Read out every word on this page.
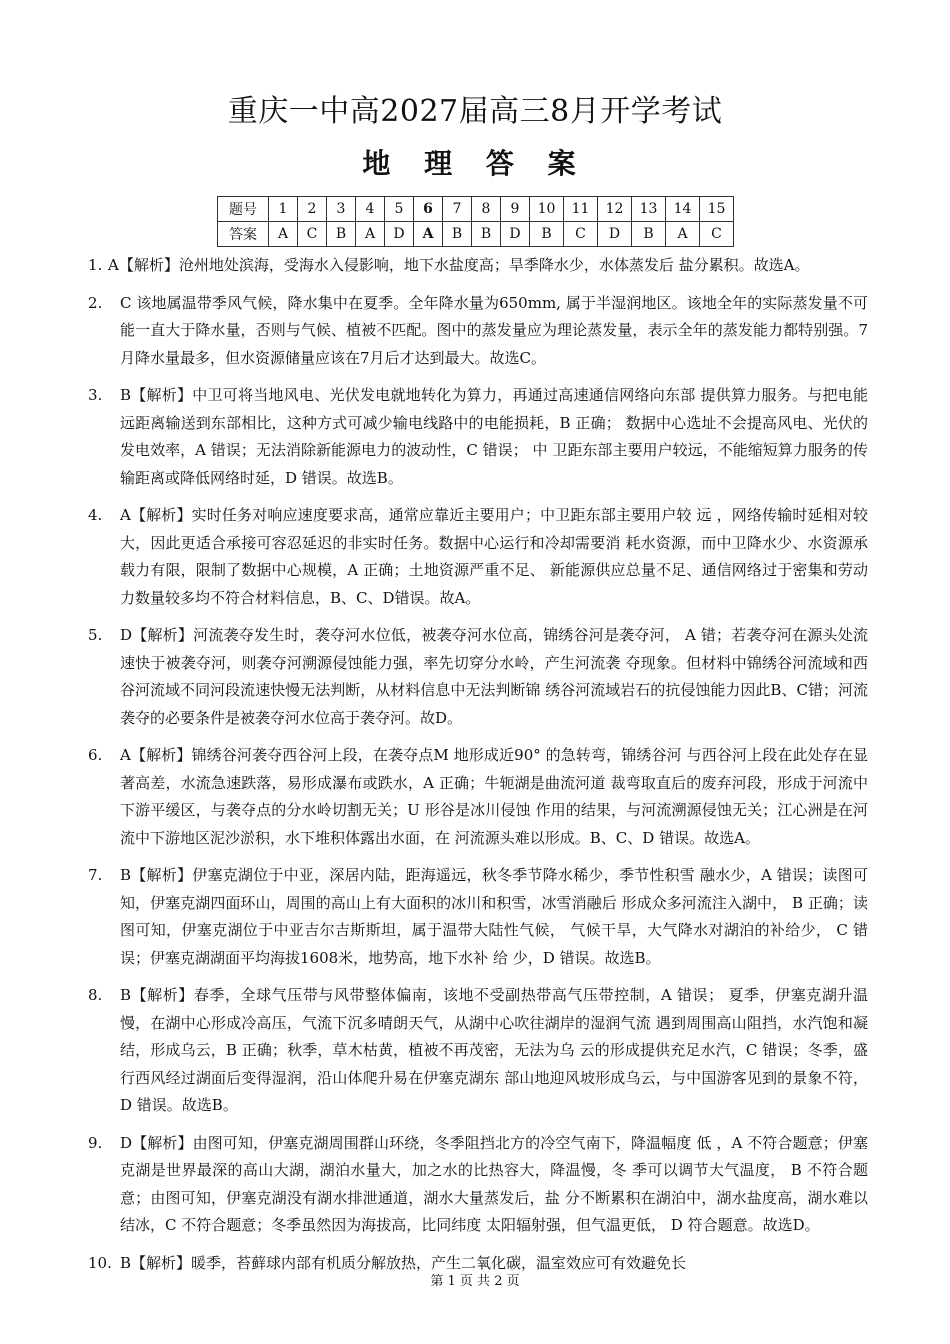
重庆一中高2027届高三8月开学考试
地 理 答 案
题号	1	2	3	4	5	6	7	8	9	10	11	12	13	14	15
答案	A	C	B	A	D	A	B	B	D	B	C	D	B	A	C
1. A【解析】沧州地处滨海，受海水入侵影响，地下水盐度高；旱季降水少，水体蒸发后 盐分累积。故选A。
2.	C 该地属温带季风气候，降水集中在夏季。全年降水量为650mm, 属于半湿润地区。该地全年的实际蒸发量不可能一直大于降水量，否则与气候、植被不匹配。图中的蒸发量应为理论蒸发量，表示全年的蒸发能力都特别强。7月降水量最多，但水资源储量应该在7月后才达到最大。故选C。
3.	B【解析】中卫可将当地风电、光伏发电就地转化为算力，再通过高速通信网络向东部 提供算力服务。与把电能远距离输送到东部相比，这种方式可减少输电线路中的电能损耗，B 正确； 数据中心选址不会提高风电、光伏的发电效率，A 错误；无法消除新能源电力的波动性，C 错误； 中 卫距东部主要用户较远，不能缩短算力服务的传输距离或降低网络时延，D 错误。故选B。
4.	A【解析】实时任务对响应速度要求高，通常应靠近主要用户；中卫距东部主要用户较 远 ，网络传输时延相对较大，因此更适合承接可容忍延迟的非实时任务。数据中心运行和冷却需要消 耗水资源，而中卫降水少、水资源承载力有限，限制了数据中心规模，A 正确；土地资源严重不足、 新能源供应总量不足、通信网络过于密集和劳动力数量较多均不符合材料信息，B、C、D错误。故A。
5.	D【解析】河流袭夺发生时，袭夺河水位低，被袭夺河水位高，锦绣谷河是袭夺河， A 错；若袭夺河在源头处流速快于被袭夺河，则袭夺河溯源侵蚀能力强，率先切穿分水岭，产生河流袭 夺现象。但材料中锦绣谷河流域和西谷河流域不同河段流速快慢无法判断，从材料信息中无法判断锦 绣谷河流域岩石的抗侵蚀能力因此B、C错；河流袭夺的必要条件是被袭夺河水位高于袭夺河。故D。
6.	A【解析】锦绣谷河袭夺西谷河上段，在袭夺点M 地形成近90° 的急转弯，锦绣谷河 与西谷河上段在此处存在显著高差，水流急速跌落，易形成瀑布或跌水，A 正确；牛轭湖是曲流河道 裁弯取直后的废弃河段，形成于河流中下游平缓区，与袭夺点的分水岭切割无关；U 形谷是冰川侵蚀 作用的结果，与河流溯源侵蚀无关；江心洲是在河流中下游地区泥沙淤积，水下堆积体露出水面，在 河流源头难以形成。B、C、D 错误。故选A。
7.	B【解析】伊塞克湖位于中亚，深居内陆，距海遥远，秋冬季节降水稀少，季节性积雪 融水少，A 错误；读图可知，伊塞克湖四面环山，周围的高山上有大面积的冰川和积雪，冰雪消融后 形成众多河流注入湖中， B 正确；读图可知，伊塞克湖位于中亚吉尔吉斯斯坦，属于温带大陆性气候， 气候干旱，大气降水对湖泊的补给少， C 错误；伊塞克湖湖面平均海拔1608米，地势高，地下水补 给 少，D 错误。故选B。
8.	B【解析】春季，全球气压带与风带整体偏南，该地不受副热带高气压带控制，A 错误； 夏季，伊塞克湖升温慢，在湖中心形成冷高压，气流下沉多晴朗天气，从湖中心吹往湖岸的湿润气流 遇到周围高山阻挡，水汽饱和凝结，形成乌云，B 正确；秋季，草木枯黄，植被不再茂密，无法为乌 云的形成提供充足水汽，C 错误；冬季，盛行西风经过湖面后变得湿润，沿山体爬升易在伊塞克湖东 部山地迎风坡形成乌云，与中国游客见到的景象不符，D 错误。故选B。
9.	D【解析】由图可知，伊塞克湖周围群山环绕，冬季阻挡北方的冷空气南下，降温幅度 低 ，A 不符合题意；伊塞克湖是世界最深的高山大湖，湖泊水量大，加之水的比热容大，降温慢，冬 季可以调节大气温度， B 不符合题意；由图可知，伊塞克湖没有湖水排泄通道，湖水大量蒸发后，盐 分不断累积在湖泊中，湖水盐度高，湖水难以结冰，C 不符合题意；冬季虽然因为海拔高，比同纬度 太阳辐射强，但气温更低， D 符合题意。故选D。
10. B【解析】暖季，苔藓球内部有机质分解放热，产生二氧化碳，温室效应可有效避免长
第 1 页 共 2 页
